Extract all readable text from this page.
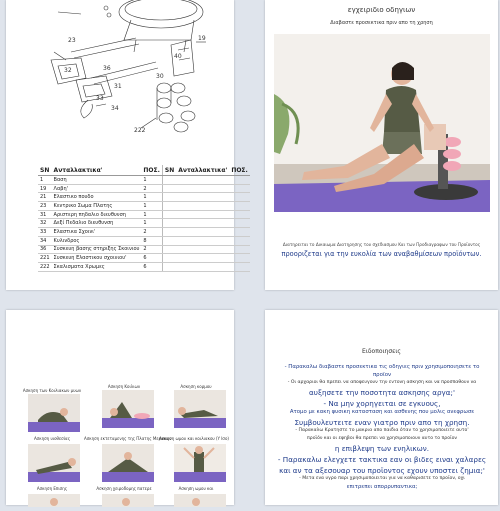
23
32	36
31
34
33
222
40
19
30
SN	Ανταλλακτικα'	ΠΟΣ.	SN	Ανταλλακτικα'	ΠΟΣ.
1	Βαση	1			
19	Λαβη'	2			
21	Ελαστικο πουδο	1			
23	Κεντρικο Σωμα Πλατης	1			
31	Αριστερη πηδαλιο διευθυνση	1			
32	Δεξί Πεδαλιο διευθυνση	1			
33	Ελαστικα Σχοινι'	2			
34	Κυλινδρος	8			
36	Συσκευη βασης στηριξης Σκοινιου	2			
221	Συσκευη Ελαστικου σχοινιου'	6			
222	Σκαλισματα Χρωμες	6			
εγχειριδιο οδηγιων
Διαβαστε προσεκτικα πριν απο τη χρηση
Διατηρειται το Δικαιωμα Διατηρησης του σχεδιασμου Και των Προδιαγραφων του Προϊοντος
προοριζεται για την ευκολία των αναβαθμίσεων προϊόντων.
Ασκηση των Κοιλιακων μυων
Ασκηση Κοιλιων	Ασκηση κορμου
Ασκηση υιοθεσίας	Ασκηση εκτεταμενης της Πλατης Μερακων
Ασκηση ωμου και κοιλιακου (Υ Ισο)
Ασκηση Επισης	Ασκηση χειροδομης πατερε	Ασκηση ωμου και
Ειδοποιησεις
- Παρακαλω διαβαστε προσεκτικα τις οδηγιες πριν χρησιμοποιησετε το
προϊον
- Οι αρχαριοι θα πρεπει να αποφευγουν την εντονη ασκηση και να προσπαθουν να
αυξησετε την ποσοτητα ασκησης αργα;'
- Να μην χορηγειται σε εγκυους,
Ατομο με κακη φυσικη κατασταση και ασθενης που μολις ανεφρωσε
Συμβουλευτειτε εναν γιατρο πριν απο τη χρηση.
- Παρακαλω Κρατηστε το μακρια απο παιδια όταν το χρησιμοποιειτε αυτο'
προϊόν και οι εφηβοι θα πρεπει να χρησιμοποιουν αυτο το προϊον
η επιβλεψη των ενηλικων.
- Παρακαλω ελεγχετε τακτικα εαν οι βιδες ειναι χαλαρες
και αν τα αξεσουαρ του προϊοντος εχουν υποστει ζημια;'
- Μετα ενα υγρο παρι χρησιμοποιειται για να καθαρισετε το προϊον, οχι
επιτρεπει απορρυπαντικα;
